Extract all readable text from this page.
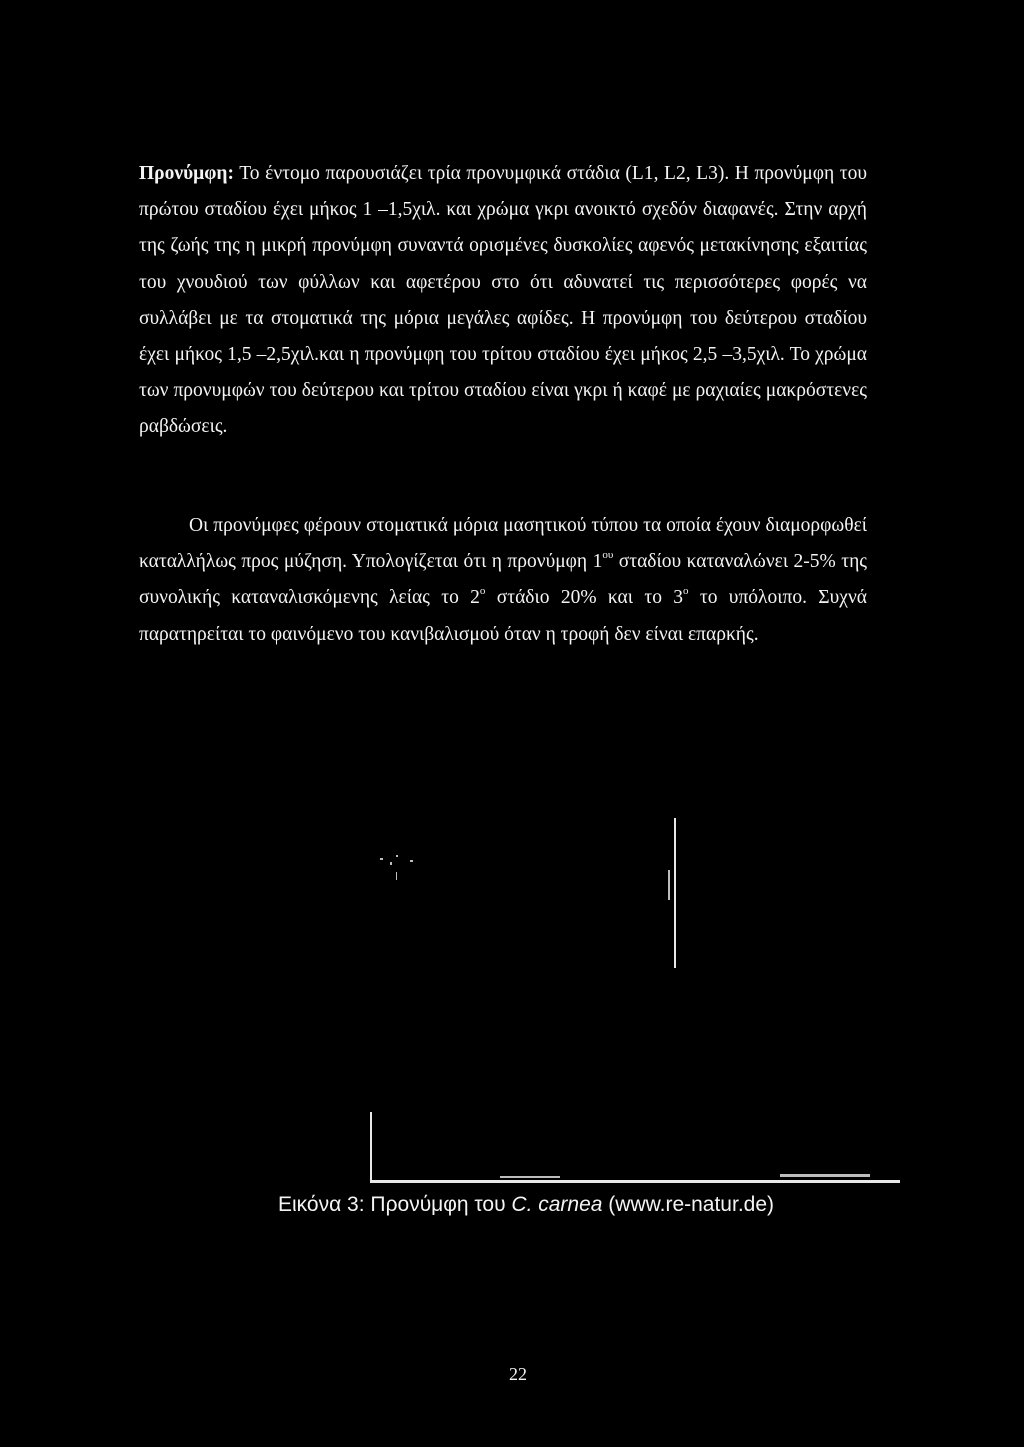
Προνύμφη: Το έντομο παρουσιάζει τρία προνυμφικά στάδια (L1, L2, L3). Η προνύμφη του πρώτου σταδίου έχει μήκος 1 –1,5χιλ. και χρώμα γκρι ανοικτό σχεδόν διαφανές. Στην αρχή της ζωής της η μικρή προνύμφη συναντά ορισμένες δυσκολίες αφενός μετακίνησης εξαιτίας του χνουδιού των φύλλων και αφετέρου στο ότι αδυνατεί τις περισσότερες φορές να συλλάβει με τα στοματικά της μόρια μεγάλες αφίδες. Η προνύμφη του δεύτερου σταδίου έχει μήκος 1,5 –2,5χιλ.και η προνύμφη του τρίτου σταδίου έχει μήκος 2,5 –3,5χιλ. Το χρώμα των προνυμφών του δεύτερου και τρίτου σταδίου είναι γκρι ή καφέ με ραχιαίες μακρόστενες ραβδώσεις.

Οι προνύμφες φέρουν στοματικά μόρια μασητικού τύπου τα οποία έχουν διαμορφωθεί καταλλήλως προς μύζηση. Υπολογίζεται ότι η προνύμφη $1^{o\upsilon}$ σταδίου καταναλώνει 2-5% της συνολικής καταναλισκόμενης λείας το $2^o$ στάδιο 20% και το $3^o$ το υπόλοιπο. Συχνά παρατηρείται το φαινόμενο του κανιβαλισμού όταν η τροφή δεν είναι επαρκής.

Εικόνα 3: Προνύμφη του C. carnea (www.re-natur.de)
22
